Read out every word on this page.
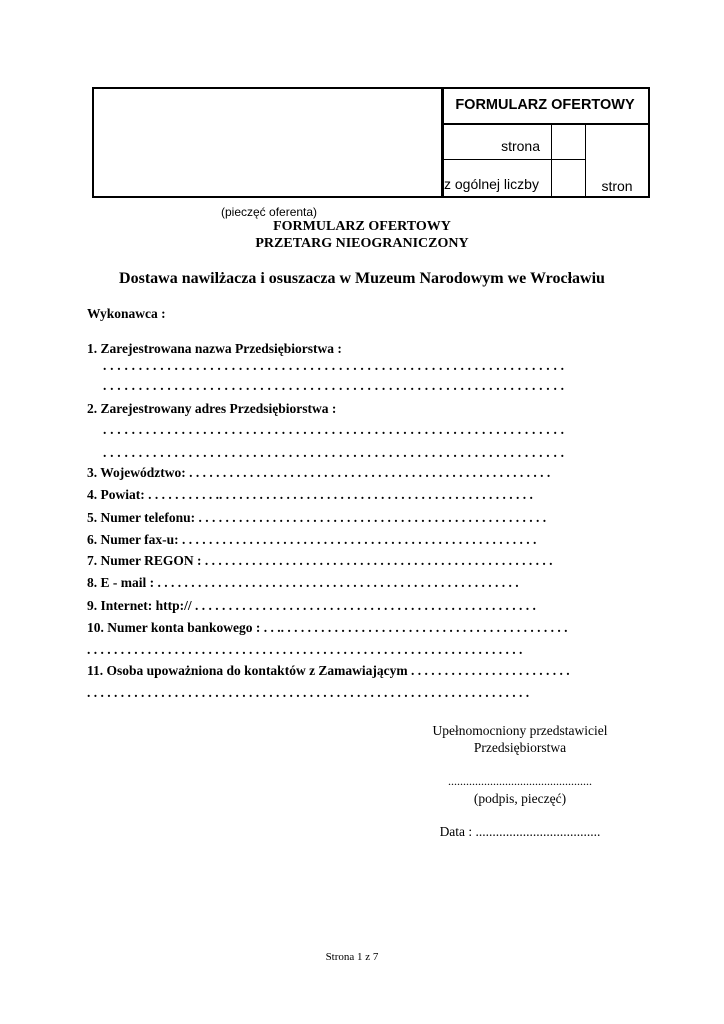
FORMULARZ OFERTOWY
strona
z ogólnej liczby	stron
(pieczęć oferenta)
FORMULARZ OFERTOWY
PRZETARG NIEOGRANICZONY
Dostawa nawilżacza i osuszacza w Muzeum Narodowym we Wrocławiu
Wykonawca :
1. Zarejestrowana nazwa Przedsiębiorstwa :
. . . . . . . . . . . . . . . . . . . . . . . . . . . . . . . . . . . . . . . . . . . . . . . . . . . . . . . . . . . . . . . . .
. . . . . . . . . . . . . . . . . . . . . . . . . . . . . . . . . . . . . . . . . . . . . . . . . . . . . . . . . . . . . . . . .
2. Zarejestrowany adres Przedsiębiorstwa :
. . . . . . . . . . . . . . . . . . . . . . . . . . . . . . . . . . . . . . . . . . . . . . . . . . . . . . . . . . . . . . . . .
. . . . . . . . . . . . . . . . . . . . . . . . . . . . . . . . . . . . . . . . . . . . . . . . . . . . . . . . . . . . . . . . .
3. Województwo: . . . . . . . . . . . . . . . . . . . . . . . . . . . . . . . . . . . . . . . . . . . . . . . . . . . . . .
4. Powiat: . . . . . . . . . . .. . . . . . . . . . . . . . . . . . . . . . . . . . . . . . . . . . . . . . . . . . . . . . .
5. Numer telefonu: . . . . . . . . . . . . . . . . . . . . . . . . . . . . . . . . . . . . . . . . . . . . . . . . . . . .
6. Numer fax-u: . . . . . . . . . . . . . . . . . . . . . . . . . . . . . . . . . . . . . . . . . . . . . . . . . . . . .
7. Numer REGON : . . . . . . . . . . . . . . . . . . . . . . . . . . . . . . . . . . . . . . . . . . . . . . . . . . . .
8. E - mail : . . . . . . . . . . . . . . . . . . . . . . . . . . . . . . . . . . . . . . . . . . . . . . . . . . . . . .
9. Internet: http:// . . . . . . . . . . . . . . . . . . . . . . . . . . . . . . . . . . . . . . . . . . . . . . . . . . .
10. Numer konta bankowego : . . .. . . . . . . . . . . . . . . . . . . . . . . . . . . . . . . . . . . . . . . . . . .
. . . . . . . . . . . . . . . . . . . . . . . . . . . . . . . . . . . . . . . . . . . . . . . . . . . . . . . . . . . . . . . . .
11. Osoba upoważniona do kontaktów z Zamawiającym . . . . . . . . . . . . . . . . . . . . . . . .
. . . . . . . . . . . . . . . . . . . . . . . . . . . . . . . . . . . . . . . . . . . . . . . . . . . . . . . . . . . . . . . . . .
Upełnomocniony przedstawiciel
Przedsiębiorstwa
................................................
(podpis, pieczęć)
Data : .....................................
Strona 1 z 7
